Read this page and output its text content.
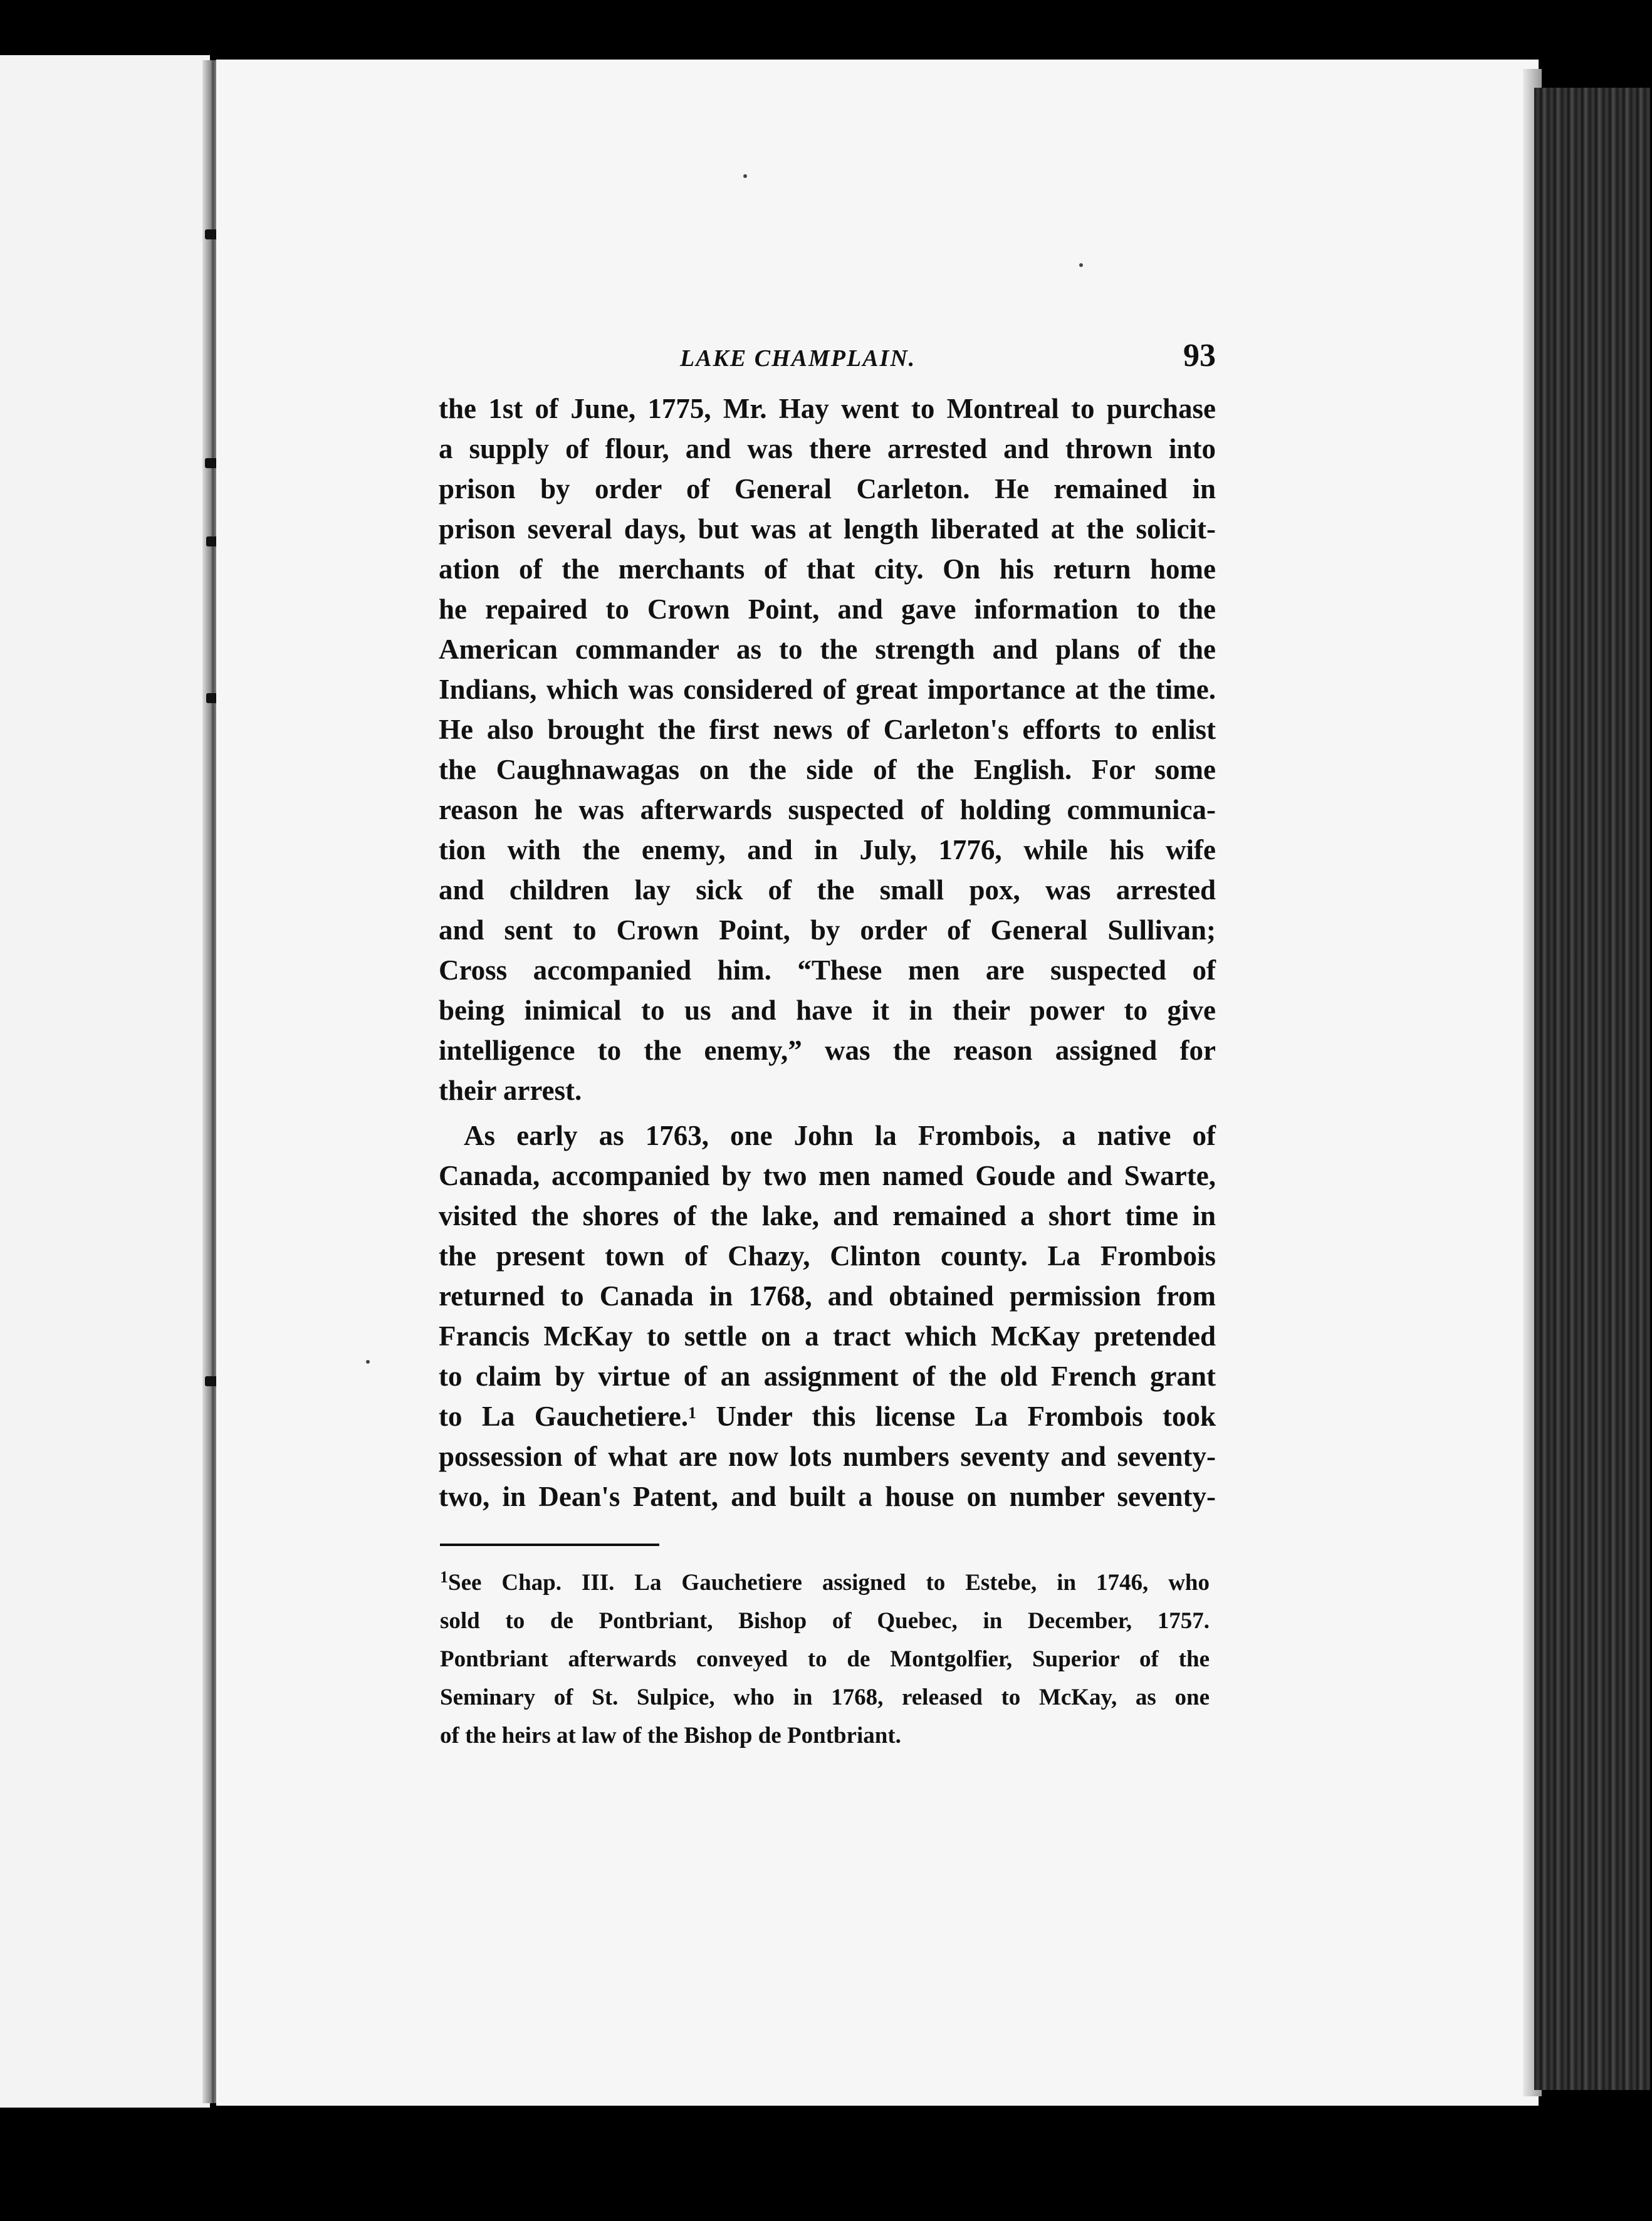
LAKE CHAMPLAIN.	93
the 1st of June, 1775, Mr. Hay went to Montreal to purchase
a supply of flour, and was there arrested and thrown into
prison by order of General Carleton. He remained in
prison several days, but was at length liberated at the solicit-
ation of the merchants of that city. On his return home
he repaired to Crown Point, and gave information to the
American commander as to the strength and plans of the
Indians, which was considered of great importance at the time.
He also brought the first news of Carleton's efforts to enlist
the Caughnawagas on the side of the English. For some
reason he was afterwards suspected of holding communica-
tion with the enemy, and in July, 1776, while his wife
and children lay sick of the small pox, was arrested
and sent to Crown Point, by order of General Sullivan;
Cross accompanied him. “These men are suspected of
being inimical to us and have it in their power to give
intelligence to the enemy,” was the reason assigned for
their arrest.
As early as 1763, one John la Frombois, a native of
Canada, accompanied by two men named Goude and Swarte,
visited the shores of the lake, and remained a short time in
the present town of Chazy, Clinton county. La Frombois
returned to Canada in 1768, and obtained permission from
Francis McKay to settle on a tract which McKay pretended
to claim by virtue of an assignment of the old French grant
to La Gauchetiere.$^1$ Under this license La Frombois took
possession of what are now lots numbers seventy and seventy-
two, in Dean's Patent, and built a house on number seventy-
$^1$See Chap. III. La Gauchetiere assigned to Estebe, in 1746, who
sold to de Pontbriant, Bishop of Quebec, in December, 1757.
Pontbriant afterwards conveyed to de Montgolfier, Superior of the
Seminary of St. Sulpice, who in 1768, released to McKay, as one
of the heirs at law of the Bishop de Pontbriant.
